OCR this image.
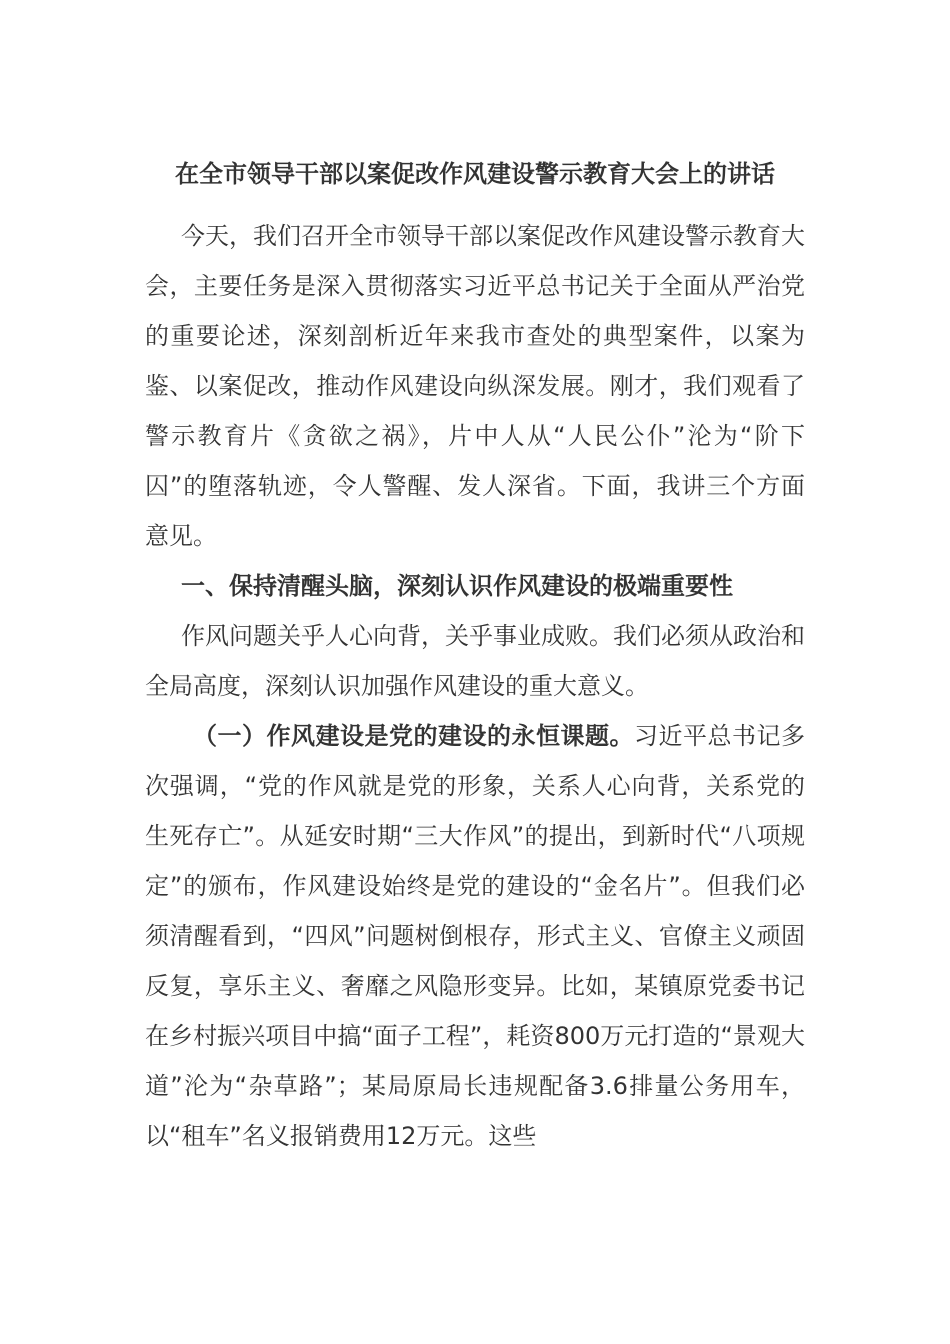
在全市领导干部以案促改作风建设警示教育大会上的讲话

今天，我们召开全市领导干部以案促改作风建设警示教育大会，主要任务是深入贯彻落实习近平总书记关于全面从严治党的重要论述，深刻剖析近年来我市查处的典型案件，以案为鉴、以案促改，推动作风建设向纵深发展。刚才，我们观看了警示教育片《贪欲之祸》，片中人从“人民公仆”沦为“阶下囚”的堕落轨迹，令人警醒、发人深省。下面，我讲三个方面意见。

一、保持清醒头脑，深刻认识作风建设的极端重要性

作风问题关乎人心向背，关乎事业成败。我们必须从政治和全局高度，深刻认识加强作风建设的重大意义。

（一）作风建设是党的建设的永恒课题。习近平总书记多次强调，“党的作风就是党的形象，关系人心向背，关系党的生死存亡”。从延安时期“三大作风”的提出，到新时代“八项规定”的颁布，作风建设始终是党的建设的“金名片”。但我们必须清醒看到，“四风”问题树倒根存，形式主义、官僚主义顽固反复，享乐主义、奢靡之风隐形变异。比如，某镇原党委书记在乡村振兴项目中搞“面子工程”，耗资800万元打造的“景观大道”沦为“杂草路”；某局原局长违规配备3.6排量公务用车，以“租车”名义报销费用12万元。这些
